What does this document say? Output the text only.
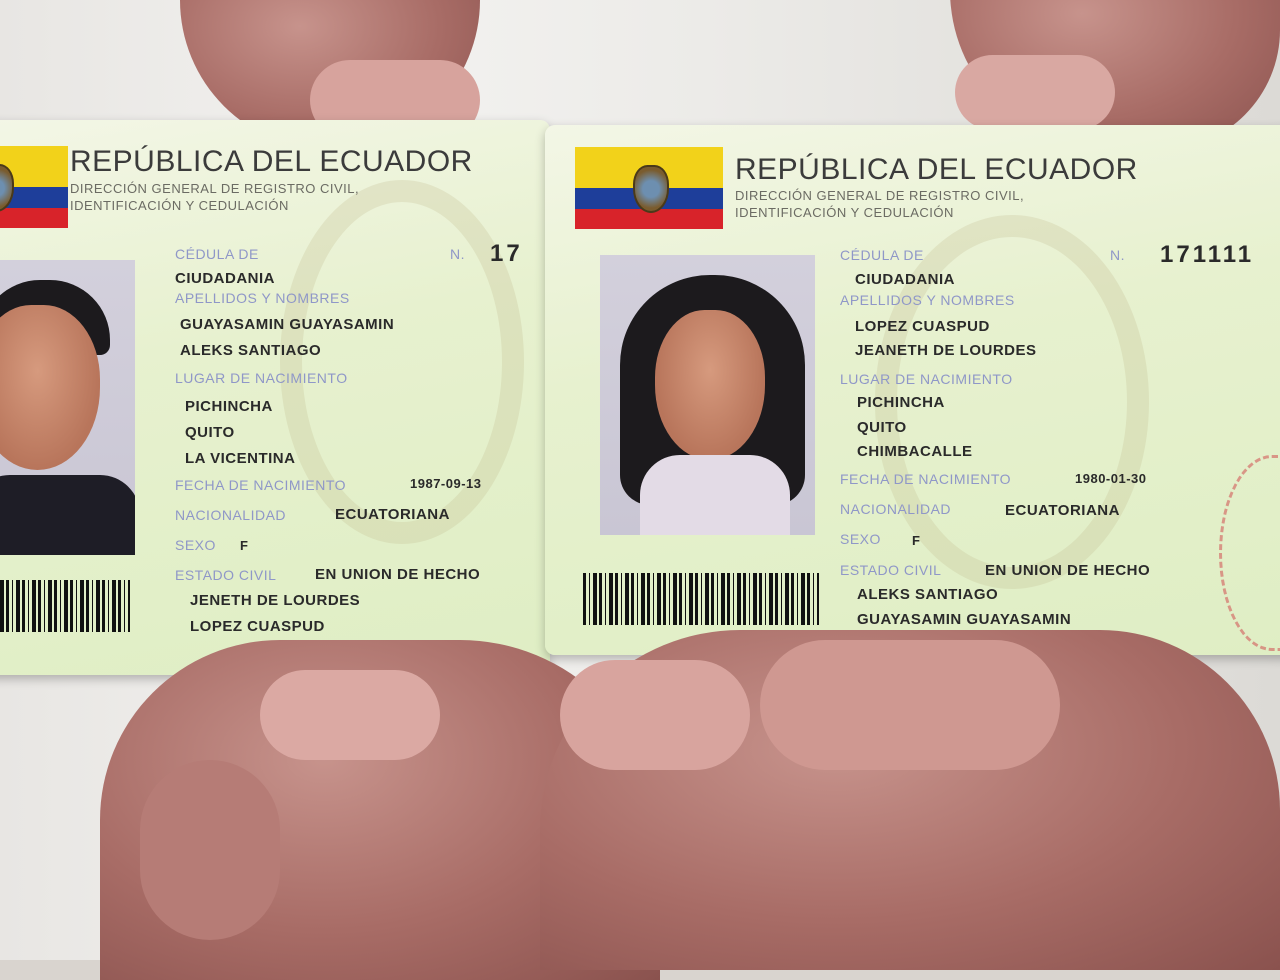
REPÚBLICA DEL ECUADOR
DIRECCIÓN GENERAL DE REGISTRO CIVIL,
IDENTIFICACIÓN Y CEDULACIÓN
CÉDULA DE	N. 17
CIUDADANIA
APELLIDOS Y NOMBRES
GUAYASAMIN GUAYASAMIN
ALEKS SANTIAGO
LUGAR DE NACIMIENTO
PICHINCHA
QUITO
LA VICENTINA
FECHA DE NACIMIENTO	1987-09-13
NACIONALIDAD	ECUATORIANA
SEXO F
ESTADO CIVIL	EN UNION DE HECHO
JENETH DE LOURDES
LOPEZ CUASPUD
REPÚBLICA DEL ECUADOR
DIRECCIÓN GENERAL DE REGISTRO CIVIL,
IDENTIFICACIÓN Y CEDULACIÓN
CÉDULA DE	N. 171111
CIUDADANIA
APELLIDOS Y NOMBRES
LOPEZ CUASPUD
JEANETH DE LOURDES
LUGAR DE NACIMIENTO
PICHINCHA
QUITO
CHIMBACALLE
FECHA DE NACIMIENTO	1980-01-30
NACIONALIDAD	ECUATORIANA
SEXO F
ESTADO CIVIL	EN UNION DE HECHO
ALEKS SANTIAGO
GUAYASAMIN GUAYASAMIN
